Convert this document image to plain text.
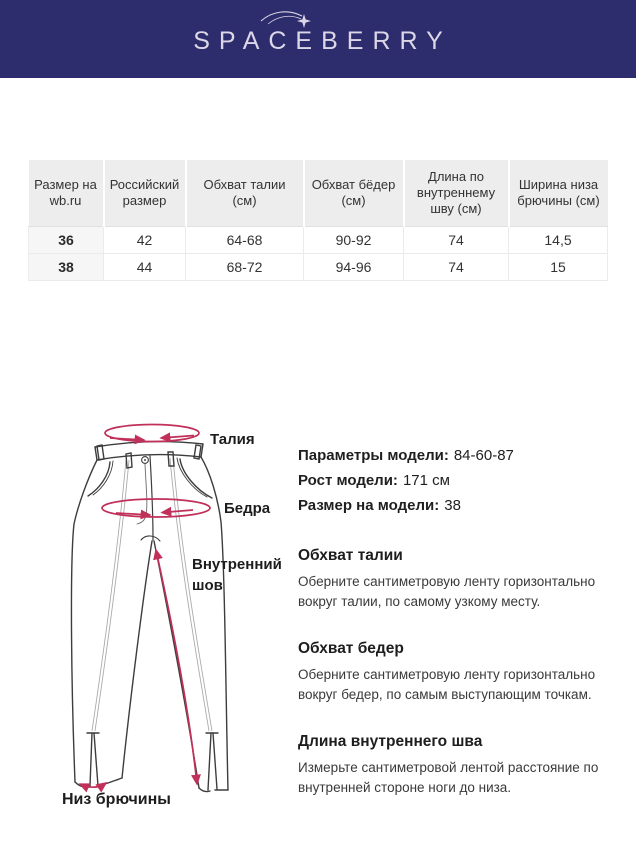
SPACEBERRY
Размер на wb.ru	Российский размер	Обхват талии (см)	Обхват бёдер (см)	Длина по внутреннему шву (см)	Ширина низа брючины (см)
36	42	64-68	90-92	74	14,5
38	44	68-72	94-96	74	15
Талия
Бедра
Внутренний шов
Низ брючины
Параметры модели: 84-60-87
Рост модели: 171 см
Размер на модели: 38
Обхват талии

Оберните сантиметровую ленту горизонтально вокруг талии, по самому узкому месту.

Обхват бедер

Оберните сантиметровую ленту горизонтально вокруг бедер, по самым выступающим точкам.

Длина внутреннего шва

Измерьте сантиметровой лентой расстояние по внутренней стороне ноги до низа.
